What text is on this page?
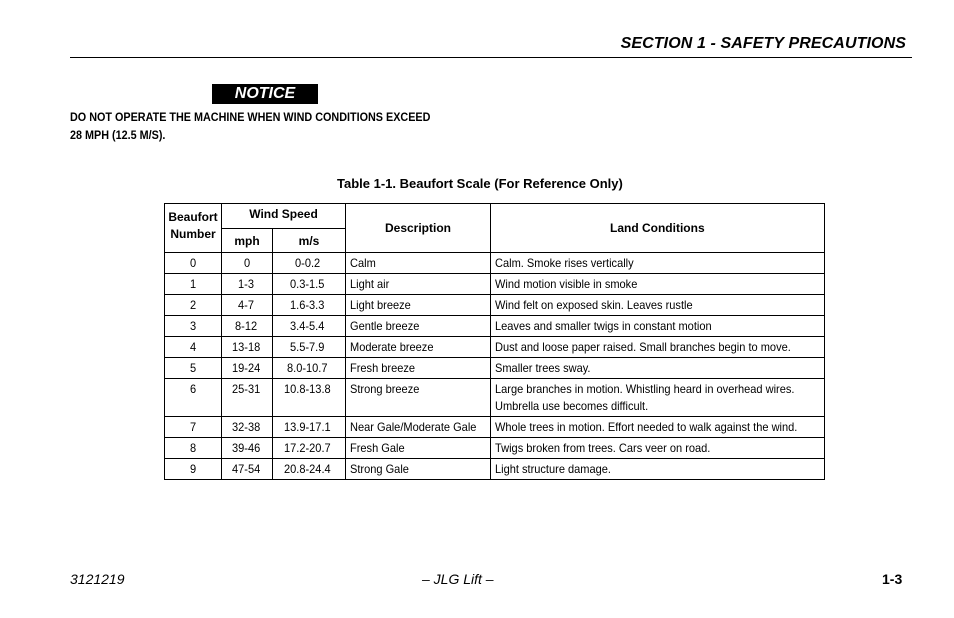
SECTION 1 - SAFETY PRECAUTIONS
NOTICE
DO NOT OPERATE THE MACHINE WHEN WIND CONDITIONS EXCEED
28 MPH (12.5 M/S).
Table 1-1. Beaufort Scale (For Reference Only)
Beaufort
Number	Wind Speed		Description	Land Conditions
	mph	m/s		
0	0	0-0.2	Calm	Calm. Smoke rises vertically
1	1-3	0.3-1.5	Light air	Wind motion visible in smoke
2	4-7	1.6-3.3	Light breeze	Wind felt on exposed skin. Leaves rustle
3	8-12	3.4-5.4	Gentle breeze	Leaves and smaller twigs in constant motion
4	13-18	5.5-7.9	Moderate breeze	Dust and loose paper raised. Small branches begin to move.
5	19-24	8.0-10.7	Fresh breeze	Smaller trees sway.
6	25-31	10.8-13.8	Strong breeze	Large branches in motion. Whistling heard in overhead wires.
Umbrella use becomes difficult.
7	32-38	13.9-17.1	Near Gale/Moderate Gale	Whole trees in motion. Effort needed to walk against the wind.
8	39-46	17.2-20.7	Fresh Gale	Twigs broken from trees. Cars veer on road.
9	47-54	20.8-24.4	Strong Gale	Light structure damage.
3121219	– JLG Lift –	1-3
